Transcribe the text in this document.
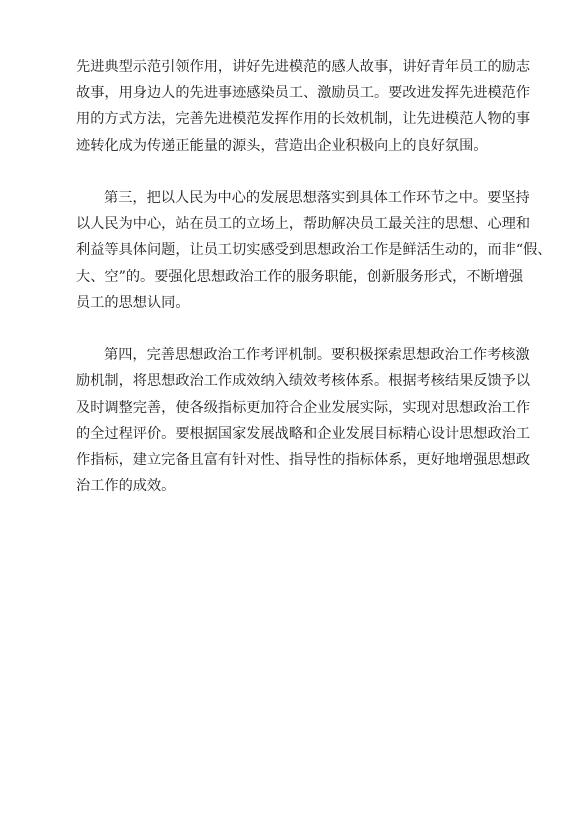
先进典型示范引领作用，讲好先进模范的感人故事，讲好青年员工的励志
故事，用身边人的先进事迹感染员工、激励员工。要改进发挥先进模范作
用的方式方法，完善先进模范发挥作用的长效机制，让先进模范人物的事
迹转化成为传递正能量的源头，营造出企业积极向上的良好氛围。
第三，把以人民为中心的发展思想落实到具体工作环节之中。要坚持
以人民为中心，站在员工的立场上，帮助解决员工最关注的思想、心理和
利益等具体问题，让员工切实感受到思想政治工作是鲜活生动的，而非“假、
大、空”的。要强化思想政治工作的服务职能，创新服务形式，不断增强
员工的思想认同。
第四，完善思想政治工作考评机制。要积极探索思想政治工作考核激
励机制，将思想政治工作成效纳入绩效考核体系。根据考核结果反馈予以
及时调整完善，使各级指标更加符合企业发展实际，实现对思想政治工作
的全过程评价。要根据国家发展战略和企业发展目标精心设计思想政治工
作指标，建立完备且富有针对性、指导性的指标体系，更好地增强思想政
治工作的成效。
